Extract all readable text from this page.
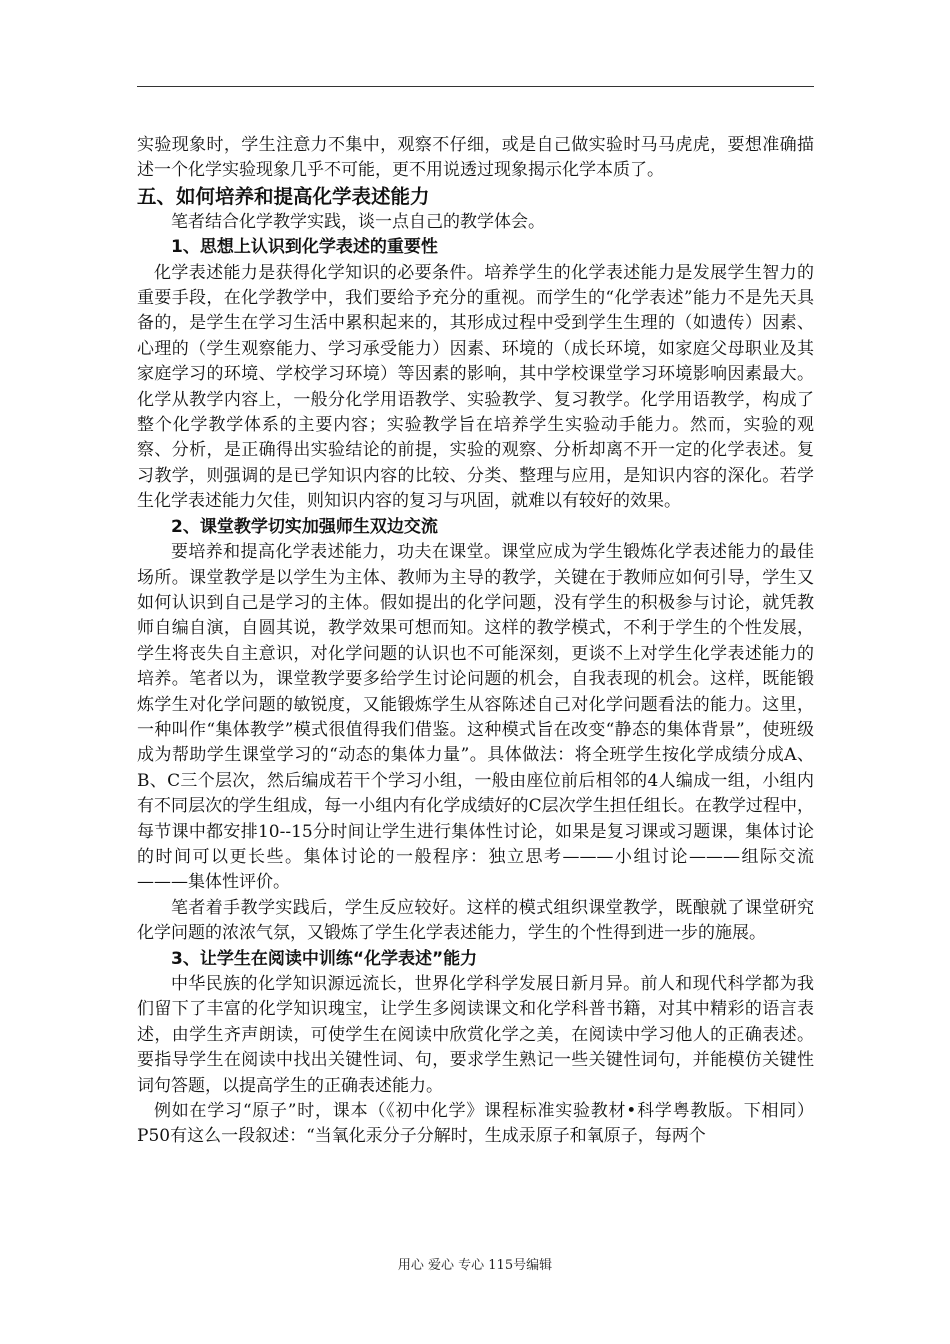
实验现象时，学生注意力不集中，观察不仔细，或是自己做实验时马马虎虎，要想准确描述一个化学实验现象几乎不可能，更不用说透过现象揭示化学本质了。

五、如何培养和提高化学表述能力

笔者结合化学教学实践，谈一点自己的教学体会。

1、思想上认识到化学表述的重要性

化学表述能力是获得化学知识的必要条件。培养学生的化学表述能力是发展学生智力的重要手段，在化学教学中，我们要给予充分的重视。而学生的“化学表述”能力不是先天具备的，是学生在学习生活中累积起来的，其形成过程中受到学生生理的（如遗传）因素、心理的（学生观察能力、学习承受能力）因素、环境的（成长环境，如家庭父母职业及其家庭学习的环境、学校学习环境）等因素的影响，其中学校课堂学习环境影响因素最大。化学从教学内容上，一般分化学用语教学、实验教学、复习教学。化学用语教学，构成了整个化学教学体系的主要内容；实验教学旨在培养学生实验动手能力。然而，实验的观察、分析，是正确得出实验结论的前提，实验的观察、分析却离不开一定的化学表述。复习教学，则强调的是已学知识内容的比较、分类、整理与应用，是知识内容的深化。若学生化学表述能力欠佳，则知识内容的复习与巩固，就难以有较好的效果。

2、课堂教学切实加强师生双边交流

要培养和提高化学表述能力，功夫在课堂。课堂应成为学生锻炼化学表述能力的最佳场所。课堂教学是以学生为主体、教师为主导的教学，关键在于教师应如何引导，学生又如何认识到自己是学习的主体。假如提出的化学问题，没有学生的积极参与讨论，就凭教师自编自演，自圆其说，教学效果可想而知。这样的教学模式，不利于学生的个性发展，学生将丧失自主意识，对化学问题的认识也不可能深刻，更谈不上对学生化学表述能力的培养。笔者以为，课堂教学要多给学生讨论问题的机会，自我表现的机会。这样，既能锻炼学生对化学问题的敏锐度，又能锻炼学生从容陈述自己对化学问题看法的能力。这里，一种叫作“集体教学”模式很值得我们借鉴。这种模式旨在改变“静态的集体背景”，使班级成为帮助学生课堂学习的“动态的集体力量”。具体做法：将全班学生按化学成绩分成A、B、C三个层次，然后编成若干个学习小组，一般由座位前后相邻的4人编成一组，小组内有不同层次的学生组成，每一小组内有化学成绩好的C层次学生担任组长。在教学过程中，每节课中都安排10--15分时间让学生进行集体性讨论，如果是复习课或习题课，集体讨论的时间可以更长些。集体讨论的一般程序：独立思考———小组讨论———组际交流———集体性评价。

笔者着手教学实践后，学生反应较好。这样的模式组织课堂教学，既酿就了课堂研究化学问题的浓浓气氛，又锻炼了学生化学表述能力，学生的个性得到进一步的施展。

3、让学生在阅读中训练“化学表述”能力

中华民族的化学知识源远流长，世界化学科学发展日新月异。前人和现代科学都为我们留下了丰富的化学知识瑰宝，让学生多阅读课文和化学科普书籍，对其中精彩的语言表述，由学生齐声朗读，可使学生在阅读中欣赏化学之美，在阅读中学习他人的正确表述。要指导学生在阅读中找出关键性词、句，要求学生熟记一些关键性词句，并能模仿关键性词句答题，以提高学生的正确表述能力。

例如在学习“原子”时，课本（《初中化学》课程标准实验教材•科学粤教版。下相同）P50有这么一段叙述：“当氧化汞分子分解时，生成汞原子和氧原子，每两个

用心 爱心 专心 115号编辑
